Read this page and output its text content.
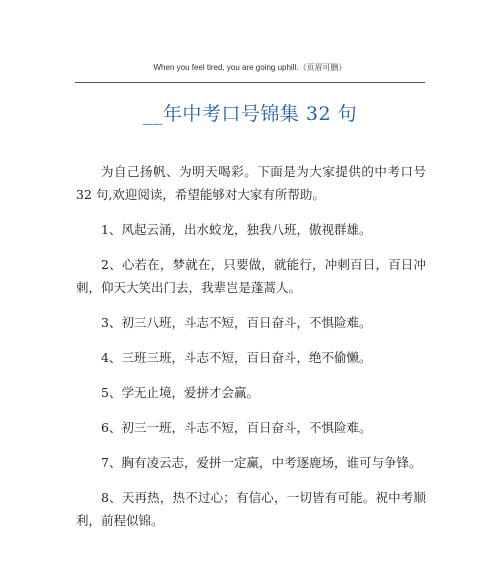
When you feel tired, you are going uphill.（页眉可删）
__年中考口号锦集 32 句

为自己扬帆、为明天喝彩。下面是为大家提供的中考口号 32 句,欢迎阅读，希望能够对大家有所帮助。

1、风起云涌，出水蛟龙，独我八班，傲视群雄。

2、心若在，梦就在，只要做，就能行，冲刺百日，百日冲刺，仰天大笑出门去，我辈岂是蓬蒿人。

3、初三八班，斗志不短，百日奋斗，不惧险难。

4、三班三班，斗志不短，百日奋斗，绝不偷懒。

5、学无止境，爱拼才会赢。

6、初三一班，斗志不短，百日奋斗，不惧险难。

7、胸有凌云志，爱拼一定赢，中考逐鹿场，谁可与争锋。

8、天再热，热不过心；有信心，一切皆有可能。祝中考顺利，前程似锦。
